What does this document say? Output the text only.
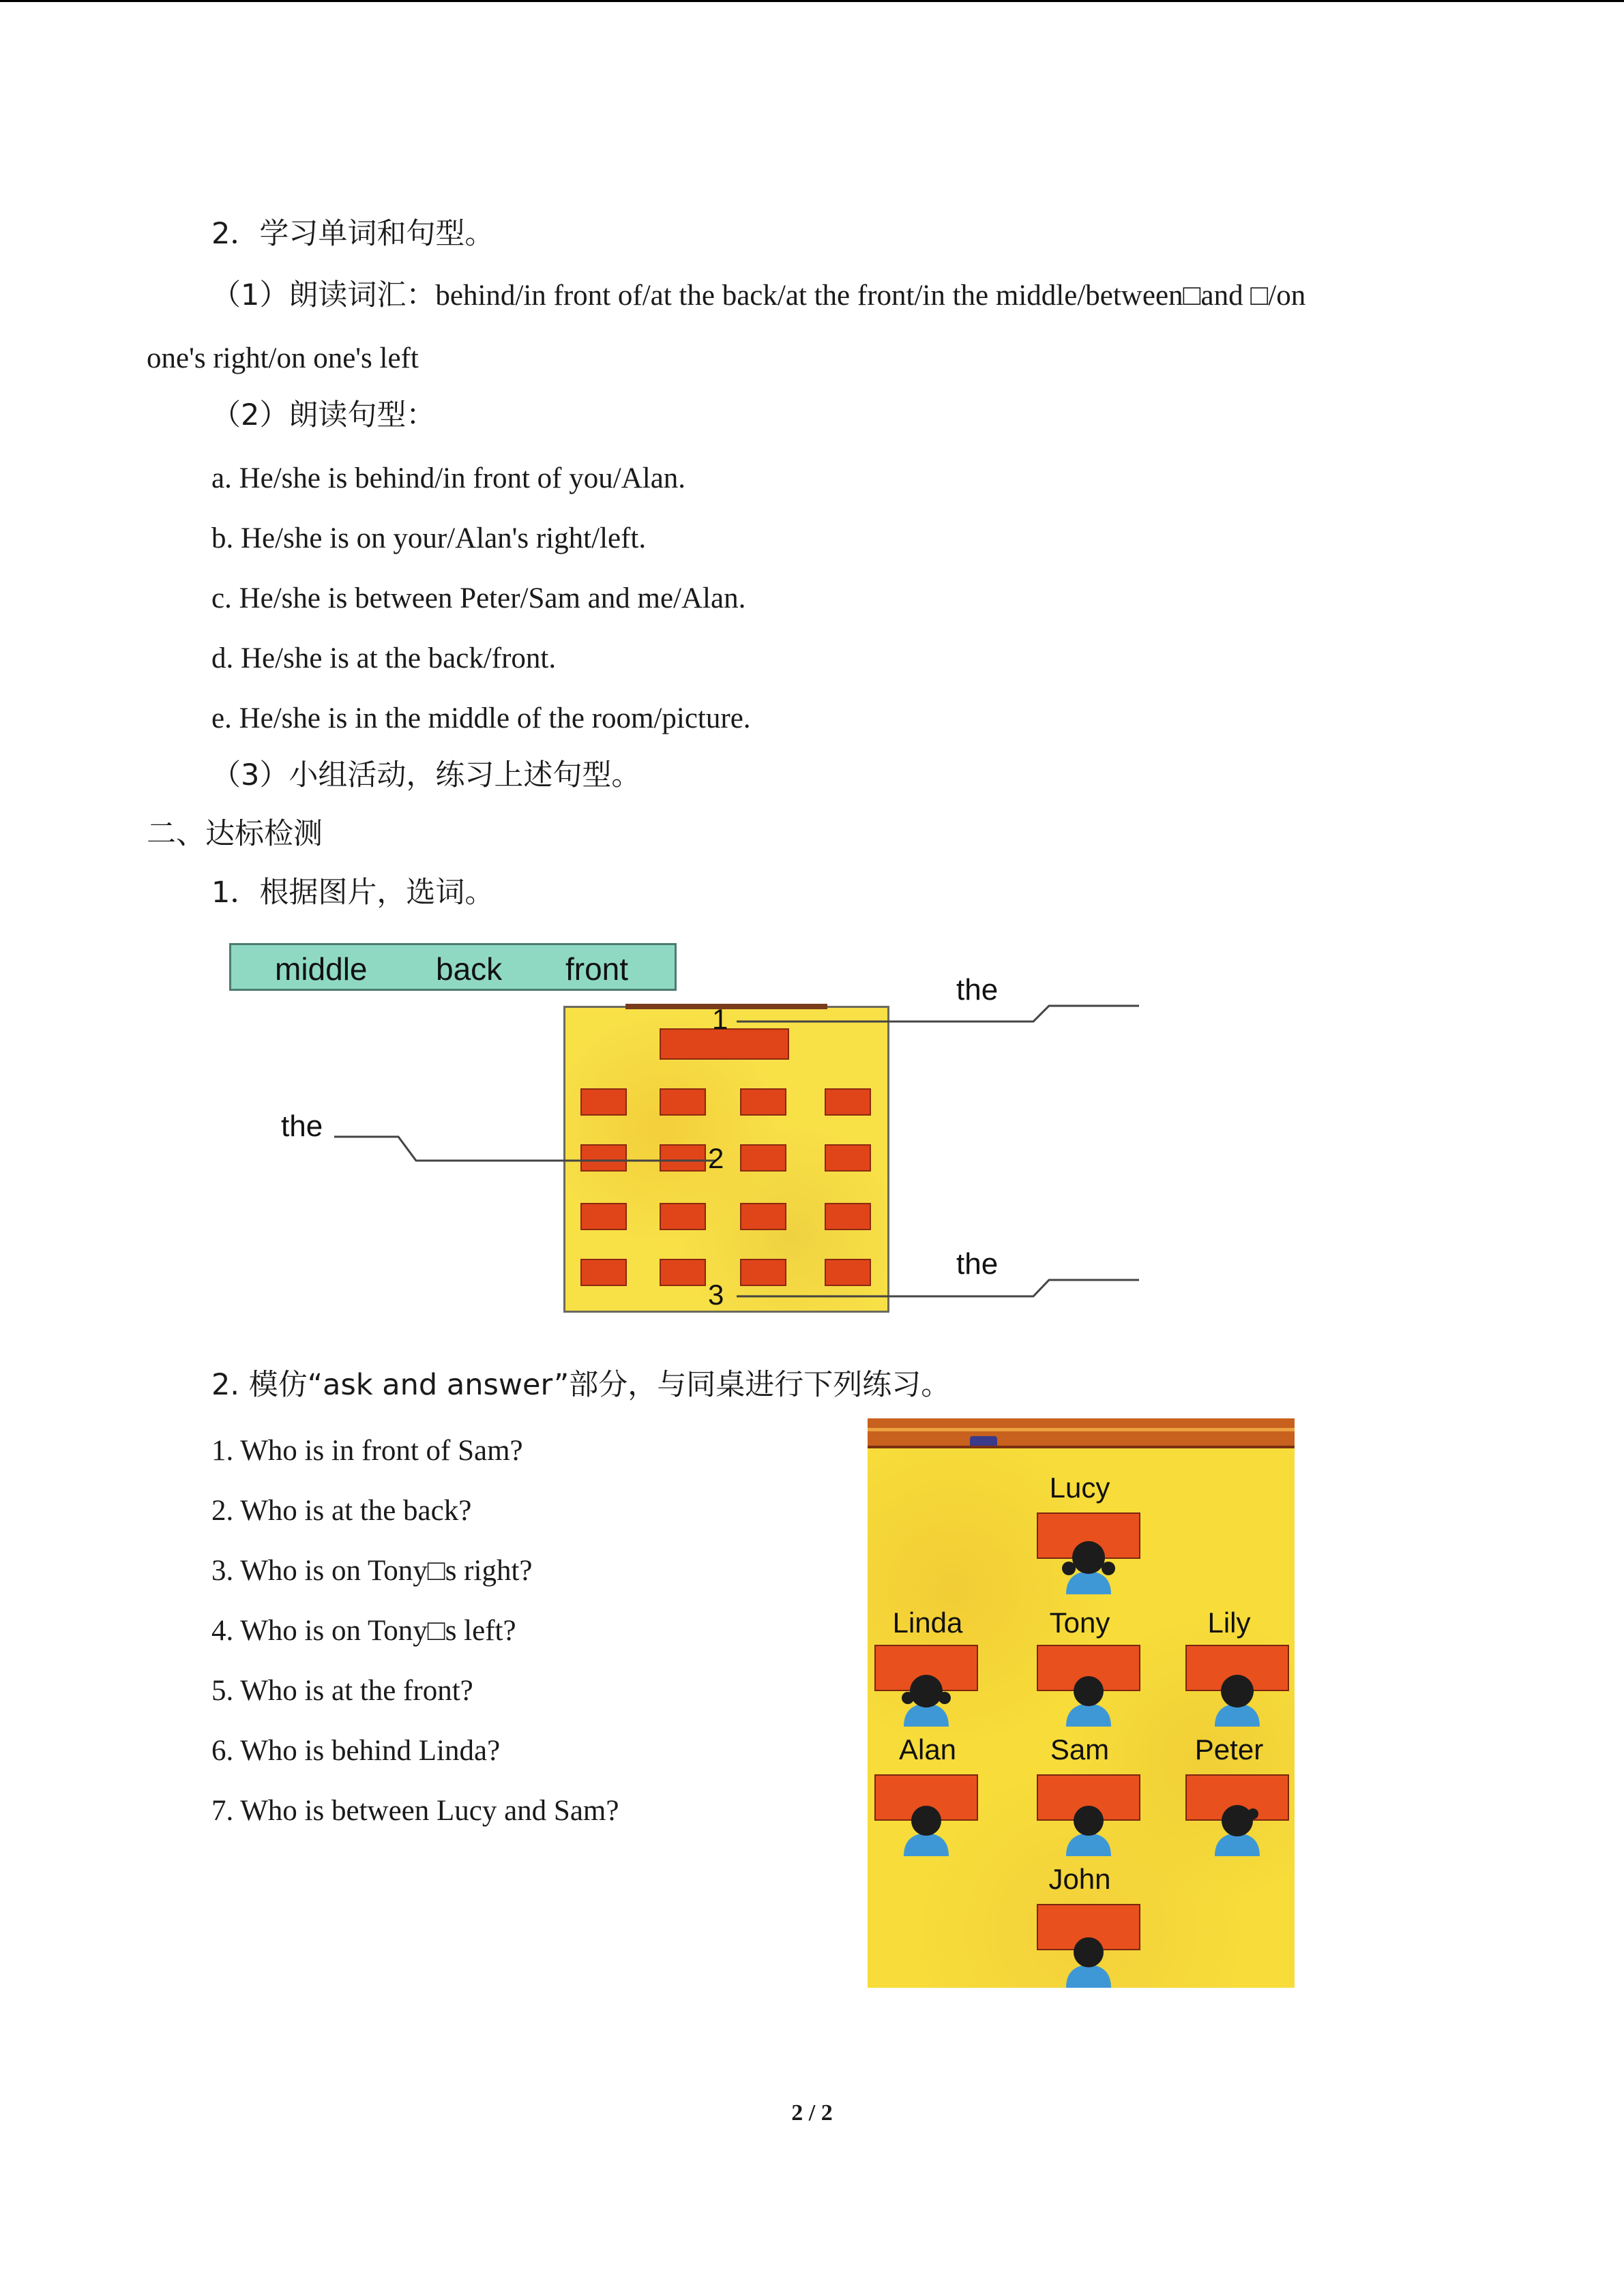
2．学习单词和句型。
（1）朗读词汇：behind/in front of/at the back/at the front/in the middle/between□and □/on
one's right/on one's left
（2）朗读句型：
a. He/she is behind/in front of you/Alan.
b. He/she is on your/Alan's right/left.
c. He/she is between Peter/Sam and me/Alan.
d. He/she is at the back/front.
e. He/she is in the middle of the room/picture.
（3）小组活动，练习上述句型。
二、达标检测
1．根据图片，选词。
middle back front
1
2
3
the
the
the
2. 模仿“ask and answer”部分，与同桌进行下列练习。
1. Who is in front of Sam?
2. Who is at the back?
3. Who is on Tony□s right?
4. Who is on Tony□s left?
5. Who is at the front?
6. Who is behind Linda?
7. Who is between Lucy and Sam?
Lucy
Linda	Tony	Lily
Alan	Sam	Peter
John
2 / 2
